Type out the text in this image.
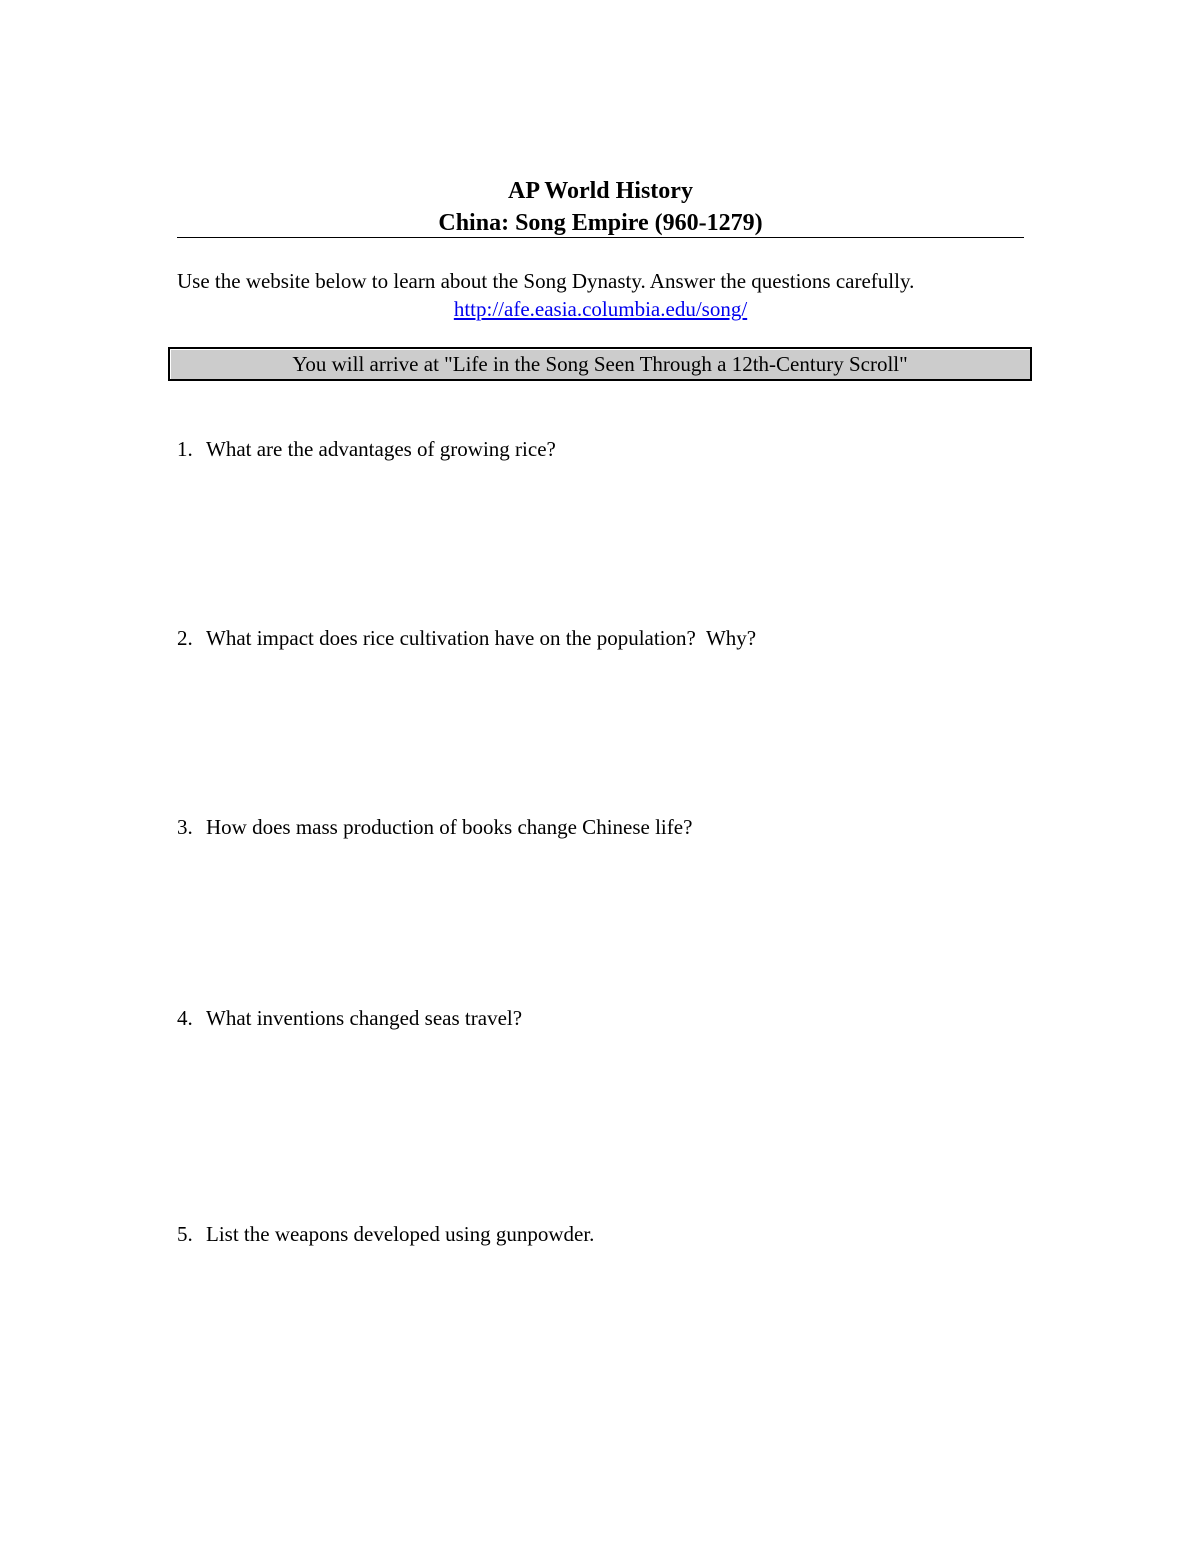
AP World History
China: Song Empire (960-1279)
Use the website below to learn about the Song Dynasty. Answer the questions carefully.
http://afe.easia.columbia.edu/song/
You will arrive at "Life in the Song Seen Through a 12th-Century Scroll"
1. What are the advantages of growing rice?
2. What impact does rice cultivation have on the population?  Why?
3. How does mass production of books change Chinese life?
4. What inventions changed seas travel?
5. List the weapons developed using gunpowder.
